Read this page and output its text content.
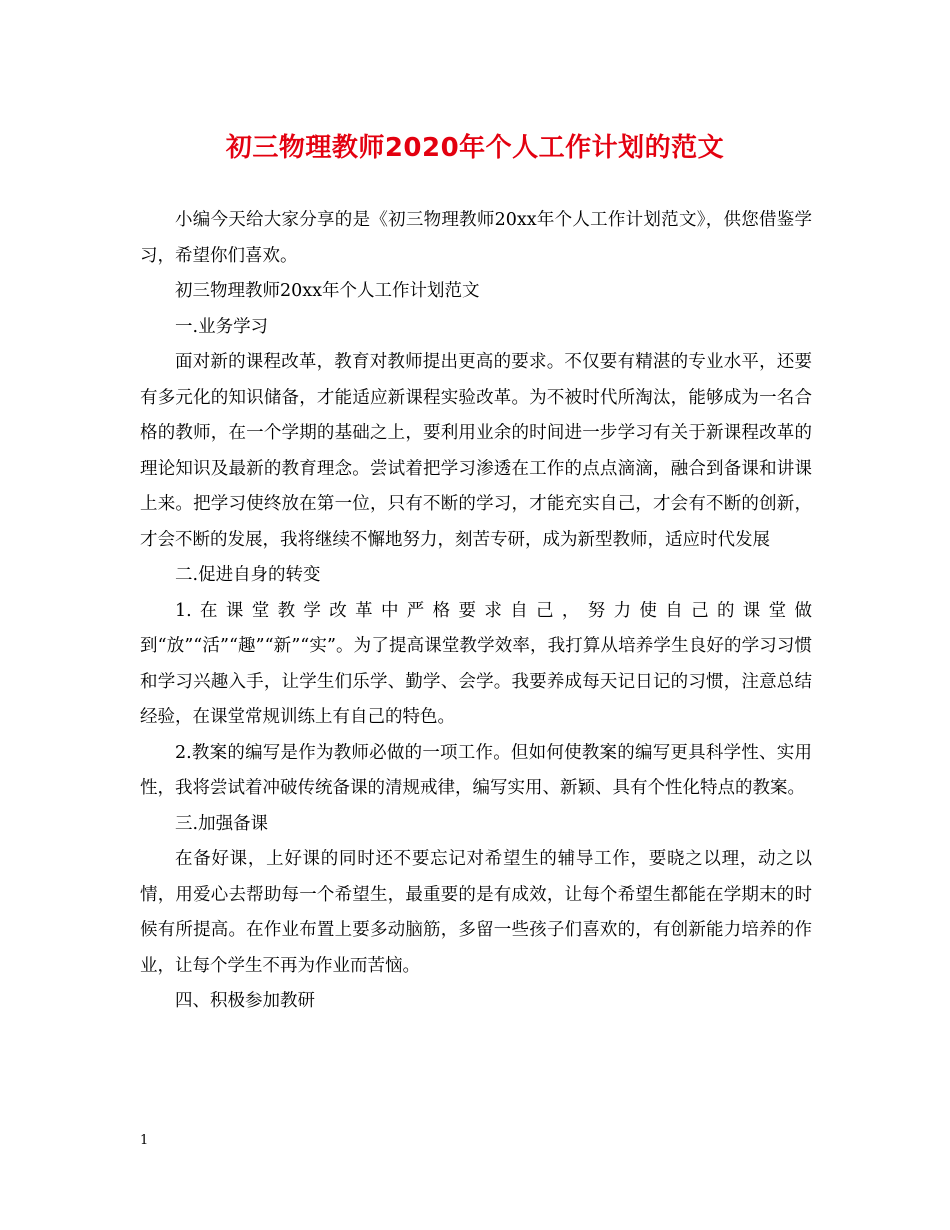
初三物理教师2020年个人工作计划的范文

小编今天给大家分享的是《初三物理教师20xx年个人工作计划范文》，供您借鉴学习，希望你们喜欢。

初三物理教师20xx年个人工作计划范文

一.业务学习

面对新的课程改革，教育对教师提出更高的要求。不仅要有精湛的专业水平，还要有多元化的知识储备，才能适应新课程实验改革。为不被时代所淘汰，能够成为一名合格的教师，在一个学期的基础之上，要利用业余的时间进一步学习有关于新课程改革的理论知识及最新的教育理念。尝试着把学习渗透在工作的点点滴滴，融合到备课和讲课上来。把学习使终放在第一位，只有不断的学习，才能充实自己，才会有不断的创新，才会不断的发展，我将继续不懈地努力，刻苦专研，成为新型教师，适应时代发展

二.促进自身的转变

1.在课堂教学改革中严格要求自己，努力使自己的课堂做到“放”“活”“趣”“新”“实”。为了提高课堂教学效率，我打算从培养学生良好的学习习惯和学习兴趣入手，让学生们乐学、勤学、会学。我要养成每天记日记的习惯，注意总结经验，在课堂常规训练上有自己的特色。

2.教案的编写是作为教师必做的一项工作。但如何使教案的编写更具科学性、实用性，我将尝试着冲破传统备课的清规戒律，编写实用、新颖、具有个性化特点的教案。

三.加强备课

在备好课，上好课的同时还不要忘记对希望生的辅导工作，要晓之以理，动之以情，用爱心去帮助每一个希望生，最重要的是有成效，让每个希望生都能在学期末的时候有所提高。在作业布置上要多动脑筋，多留一些孩子们喜欢的，有创新能力培养的作业，让每个学生不再为作业而苦恼。

四、积极参加教研

1
